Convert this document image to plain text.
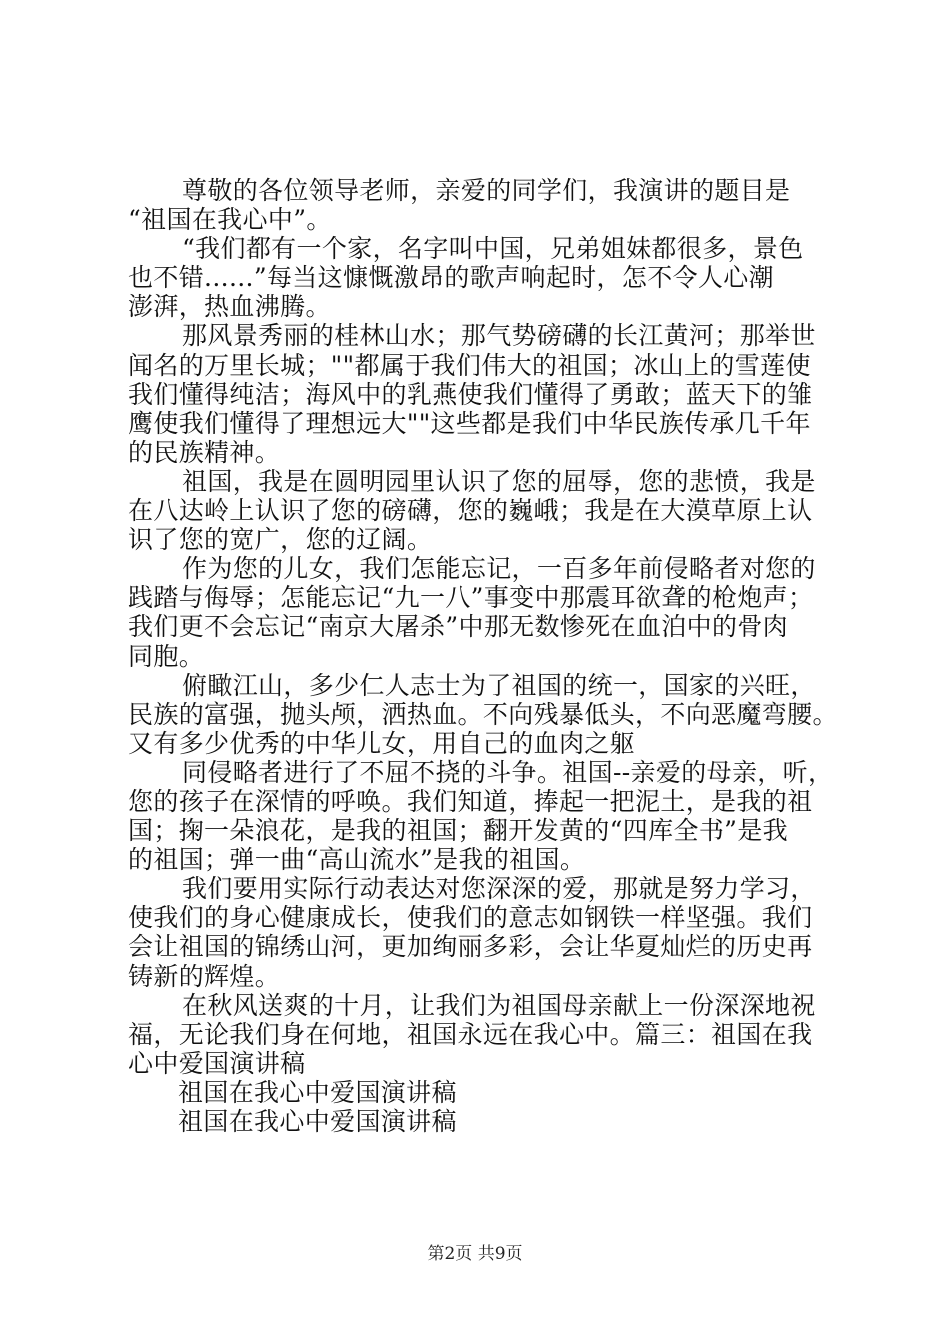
尊敬的各位领导老师，亲爱的同学们，我演讲的题目是
“祖国在我心中”。
“我们都有一个家，名字叫中国，兄弟姐妹都很多，景色
也不错......”每当这慷慨激昂的歌声响起时，怎不令人心潮
澎湃，热血沸腾。
那风景秀丽的桂林山水；那气势磅礴的长江黄河；那举世
闻名的万里长城；""都属于我们伟大的祖国；冰山上的雪莲使
我们懂得纯洁；海风中的乳燕使我们懂得了勇敢；蓝天下的雏
鹰使我们懂得了理想远大""这些都是我们中华民族传承几千年
的民族精神。
祖国，我是在圆明园里认识了您的屈辱，您的悲愤，我是
在八达岭上认识了您的磅礴，您的巍峨；我是在大漠草原上认
识了您的宽广，您的辽阔。
作为您的儿女，我们怎能忘记，一百多年前侵略者对您的
践踏与侮辱；怎能忘记“九一八”事变中那震耳欲聋的枪炮声；
我们更不会忘记“南京大屠杀”中那无数惨死在血泊中的骨肉
同胞。
俯瞰江山，多少仁人志士为了祖国的统一，国家的兴旺，
民族的富强，抛头颅，洒热血。不向残暴低头，不向恶魔弯腰。
又有多少优秀的中华儿女，用自己的血肉之躯
同侵略者进行了不屈不挠的斗争。祖国--亲爱的母亲，听，
您的孩子在深情的呼唤。我们知道，捧起一把泥土，是我的祖
国；掬一朵浪花，是我的祖国；翻开发黄的“四库全书”是我
的祖国；弹一曲“高山流水”是我的祖国。
我们要用实际行动表达对您深深的爱，那就是努力学习，
使我们的身心健康成长，使我们的意志如钢铁一样坚强。我们
会让祖国的锦绣山河，更加绚丽多彩，会让华夏灿烂的历史再
铸新的辉煌。
在秋风送爽的十月，让我们为祖国母亲献上一份深深地祝
福，无论我们身在何地，祖国永远在我心中。篇三：祖国在我
心中爱国演讲稿
祖国在我心中爱国演讲稿
祖国在我心中爱国演讲稿
第2页 共9页
